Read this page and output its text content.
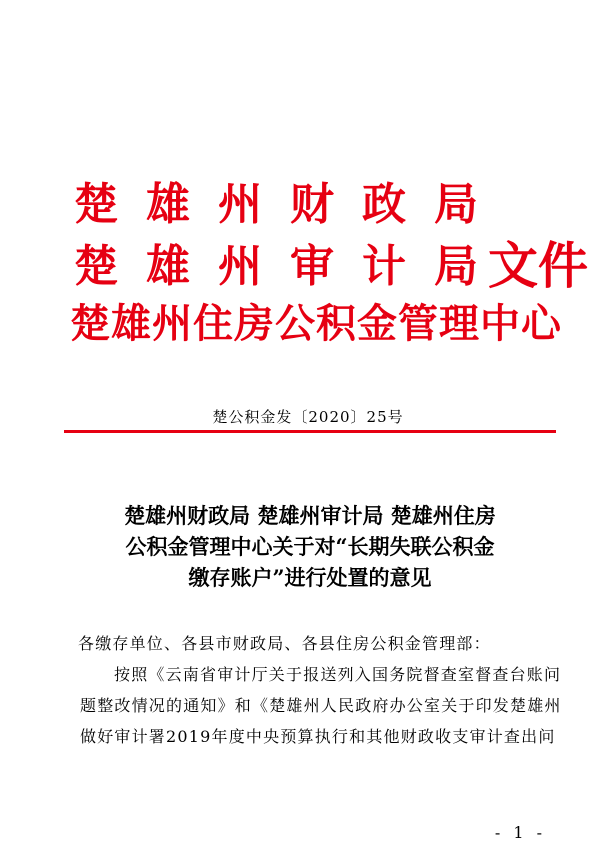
楚 雄 州 财 政 局
楚 雄 州 审 计 局 文件
楚雄州住房公积金管理中心
楚公积金发〔2020〕25号
楚雄州财政局 楚雄州审计局 楚雄州住房
公积金管理中心关于对“长期失联公积金
缴存账户”进行处置的意见
各缴存单位、各县市财政局、各县住房公积金管理部：
按照《云南省审计厅关于报送列入国务院督查室督查台账问
题整改情况的通知》和《楚雄州人民政府办公室关于印发楚雄州
做好审计署2019年度中央预算执行和其他财政收支审计查出问
- 1 -
